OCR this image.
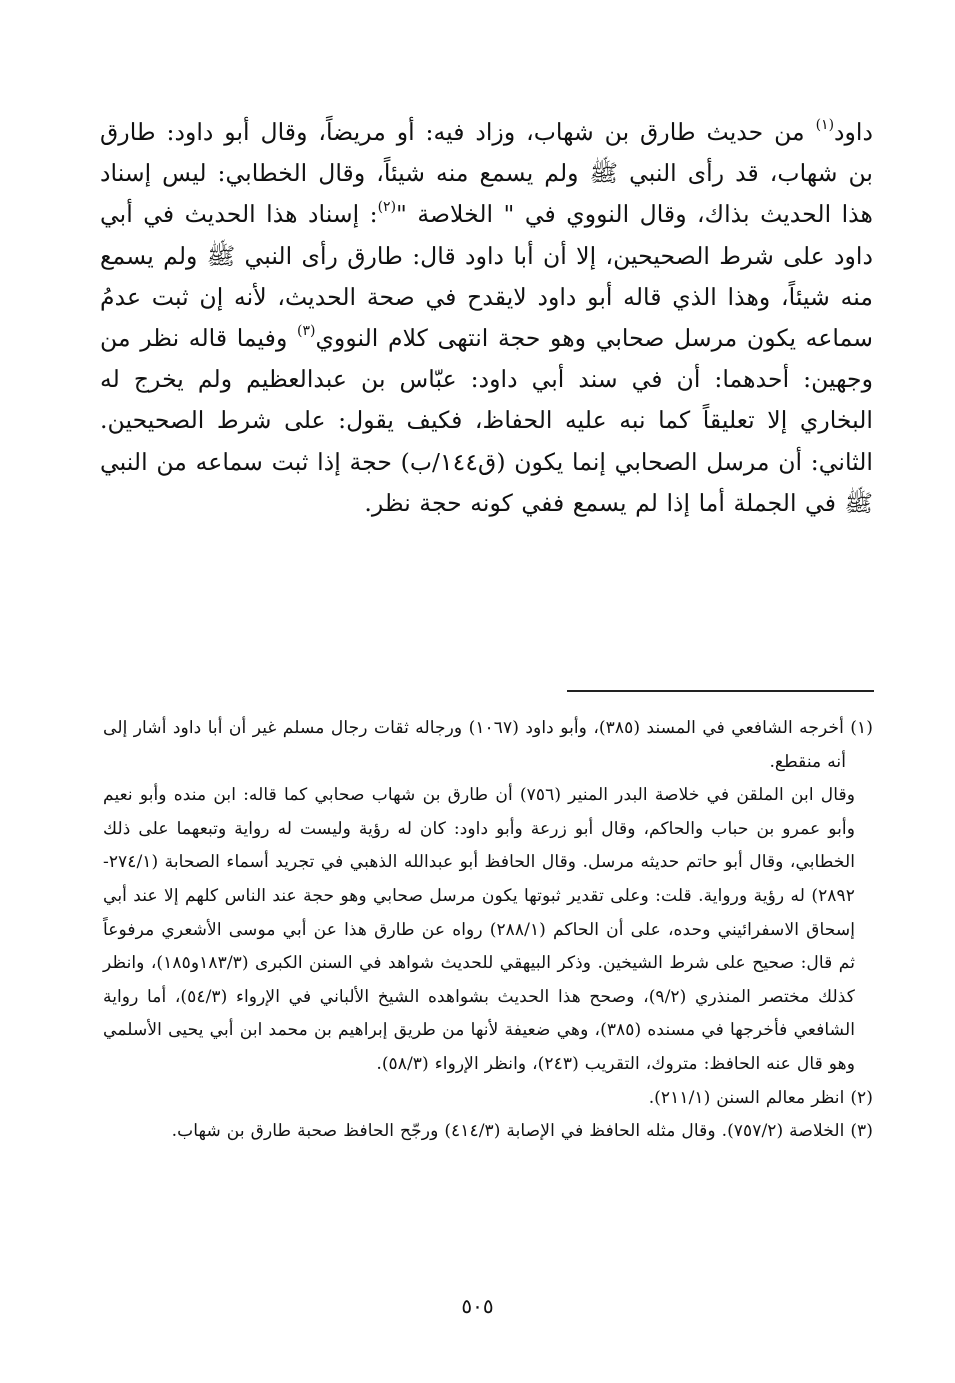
داود$^{(١)}$ من حديث طارق بن شهاب، وزاد فيه: أو مريضاً، وقال أبو داود: طارق بن شهاب، قد رأى النبي ﷺ ولم يسمع منه شيئاً، وقال الخطابي: ليس إسناد هذا الحديث بذاك، وقال النووي في " الخلاصة "$^{(٢)}$: إسناد هذا الحديث في أبي داود على شرط الصحيحين، إلا أن أبا داود قال: طارق رأى النبي ﷺ ولم يسمع منه شيئاً، وهذا الذي قاله أبو داود لايقدح في صحة الحديث، لأنه إن ثبت عدمُ سماعه يكون مرسل صحابي وهو حجة انتهى كلام النووي$^{(٣)}$ وفيما قاله نظر من وجهين: أحدهما: أن في سند أبي داود: عبّاس بن عبدالعظيم ولم يخرج له البخاري إلا تعليقاً كما نبه عليه الحفاظ، فكيف يقول: على شرط الصحيحين. الثاني: أن مرسل الصحابي إنما يكون (ق١٤٤/ب) حجة إذا ثبت سماعه من النبي ﷺ في الجملة أما إذا لم يسمع ففي كونه حجة نظر.

(١) أخرجه الشافعي في المسند (٣٨٥)، وأبو داود (١٠٦٧) ورجاله ثقات رجال مسلم غير أن أبا داود أشار إلى أنه منقطع.

وقال ابن الملقن في خلاصة البدر المنير (٧٥٦) أن طارق بن شهاب صحابي كما قاله: ابن منده وأبو نعيم وأبو عمرو بن حباب والحاكم، وقال أبو زرعة وأبو داود: كان له رؤية وليست له رواية وتبعهما على ذلك الخطابي، وقال أبو حاتم حديثه مرسل. وقال الحافظ أبو عبدالله الذهبي في تجريد أسماء الصحابة (٢٧٤/١- ٢٨٩٢) له رؤية ورواية. قلت: وعلى تقدير ثبوتها يكون مرسل صحابي وهو حجة عند الناس كلهم إلا عند أبي إسحاق الاسفرائيني وحده، على أن الحاكم (٢٨٨/١) رواه عن طارق هذا عن أبي موسى الأشعري مرفوعاً ثم قال: صحيح على شرط الشيخين. وذكر البيهقي للحديث شواهد في السنن الكبرى (١٨٣/٣و١٨٥)، وانظر كذلك مختصر المنذري (٩/٢)، وصحح هذا الحديث بشواهده الشيخ الألباني في الإرواء (٥٤/٣)، أما رواية الشافعي فأخرجها في مسنده (٣٨٥)، وهي ضعيفة لأنها من طريق إبراهيم بن محمد ابن أبي يحيى الأسلمي وهو قال عنه الحافظ: متروك، التقريب (٢٤٣)، وانظر الإرواء (٥٨/٣).

(٢) انظر معالم السنن (٢١١/١).

(٣) الخلاصة (٧٥٧/٢). وقال مثله الحافظ في الإصابة (٤١٤/٣) ورجّح الحافظ صحبة طارق بن شهاب.

٥٠٥
